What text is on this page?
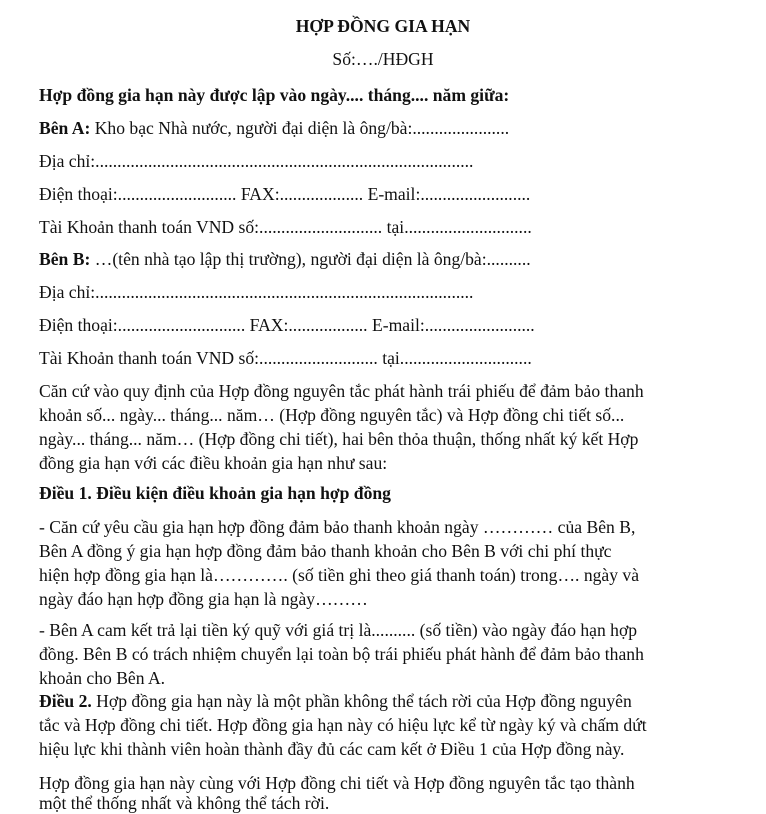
HỢP ĐỒNG GIA HẠN
Số:…./HĐGH
Hợp đồng gia hạn này được lập vào ngày.... tháng.... năm giữa:
Bên A: Kho bạc Nhà nước, người đại diện là ông/bà:......................
Địa chỉ:......................................................................................
Điện thoại:........................... FAX:................... E-mail:.........................
Tài Khoản thanh toán VND số:............................ tại.............................
Bên B: …(tên nhà tạo lập thị trường), người đại diện là ông/bà:..........
Địa chỉ:......................................................................................
Điện thoại:............................. FAX:.................. E-mail:.........................
Tài Khoản thanh toán VND số:........................... tại..............................
Căn cứ vào quy định của Hợp đồng nguyên tắc phát hành trái phiếu để đảm bảo thanh
khoản số... ngày... tháng... năm… (Hợp đồng nguyên tắc) và Hợp đồng chi tiết số...
ngày... tháng... năm… (Hợp đồng chi tiết), hai bên thỏa thuận, thống nhất ký kết Hợp
đồng gia hạn với các điều khoản gia hạn như sau:
Điều 1. Điều kiện điều khoản gia hạn hợp đồng
- Căn cứ yêu cầu gia hạn hợp đồng đảm bảo thanh khoản ngày ………… của Bên B,
Bên A đồng ý gia hạn hợp đồng đảm bảo thanh khoản cho Bên B với chi phí thực
hiện hợp đồng gia hạn là…………. (số tiền ghi theo giá thanh toán) trong…. ngày và
ngày đáo hạn hợp đồng gia hạn là ngày………
- Bên A cam kết trả lại tiền ký quỹ với giá trị là.......... (số tiền) vào ngày đáo hạn hợp
đồng. Bên B có trách nhiệm chuyển lại toàn bộ trái phiếu phát hành để đảm bảo thanh
khoản cho Bên A.
Điều 2. Hợp đồng gia hạn này là một phần không thể tách rời của Hợp đồng nguyên
tắc và Hợp đồng chi tiết. Hợp đồng gia hạn này có hiệu lực kể từ ngày ký và chấm dứt
hiệu lực khi thành viên hoàn thành đầy đủ các cam kết ở Điều 1 của Hợp đồng này.
Hợp đồng gia hạn này cùng với Hợp đồng chi tiết và Hợp đồng nguyên tắc tạo thành
một thể thống nhất và không thể tách rời.
